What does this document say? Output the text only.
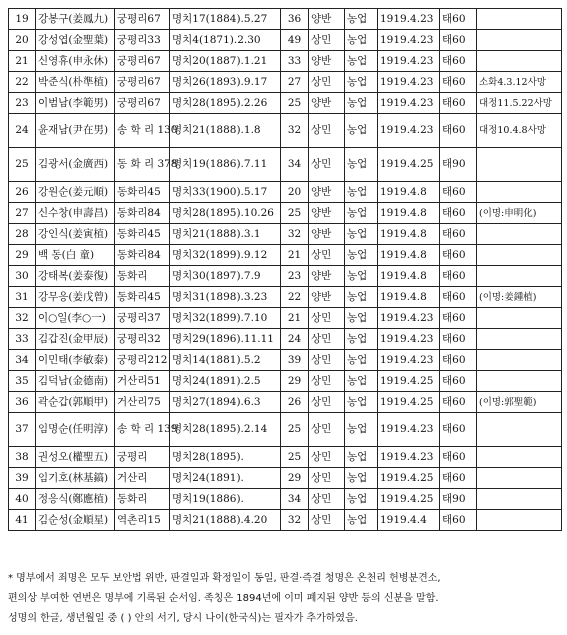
19	강봉구(姜鳳九)	궁평리67	명치17(1884).5.27	36	양반	농업	1919.4.23	태60	
20	강성엽(金聖葉)	궁평리33	명치4(1871).2.30	49	상민	농업	1919.4.23	태60	
21	신영휴(申永休)	궁평리67	명치20(1887).1.21	33	양반	농업	1919.4.23	태60	
22	박준식(朴準植)	궁평리67	명치26(1893).9.17	27	상민	농업	1919.4.23	태60	소화4.3.12사망
23	이범남(李範男)	궁평리67	명치28(1895).2.26	25	양반	농업	1919.4.23	태60	대정11.5.22사망
24	윤재남(尹在男)	송 학 리 130	명치21(1888).1.8	32	상민	농업	1919.4.23	태60	대정10.4.8사망
25	김광서(金廣西)	동 화 리 378	명치19(1886).7.11	34	상민	농업	1919.4.25	태90	
26	강원순(姜元順)	동화리45	명치33(1900).5.17	20	양반	농업	1919.4.8	태60	
27	신수창(申壽昌)	동화리84	명치28(1895).10.26	25	양반	농업	1919.4.8	태60	(이명:申明化)
28	강인식(姜寅植)	동화리45	명치21(1888).3.1	32	양반	농업	1919.4.8	태60	
29	백 동(白 童)	동화리84	명치32(1899).9.12	21	상민	농업	1919.4.8	태60	
30	강태복(姜泰復)	동화리	명치30(1897).7.9	23	양반	농업	1919.4.8	태60	
31	강무응(姜戊曾)	동화리45	명치31(1898).3.23	22	양반	농업	1919.4.8	태60	(이명:姜鍾植)
32	이○일(李○一)	궁평리37	명치32(1899).7.10	21	상민	농업	1919.4.23	태60	
33	김갑진(金甲辰)	궁평리32	명치29(1896).11.11	24	상민	농업	1919.4.23	태60	
34	이민태(李敏泰)	궁평리212	명치14(1881).5.2	39	상민	농업	1919.4.23	태60	
35	김덕남(金德南)	거산리51	명치24(1891).2.5	29	상민	농업	1919.4.25	태60	
36	곽순갑(郭順甲)	거산리75	명치27(1894).6.3	26	상민	농업	1919.4.25	태60	(이명:郭聖範)
37	임명순(任明淳)	송 학 리 139	명치28(1895).2.14	25	상민	농업	1919.4.23	태60	
38	권성오(權聖五)	궁평리	명치28(1895).	25	상민	농업	1919.4.23	태60	
39	임기호(林基鎬)	거산리	명치24(1891).	29	상민	농업	1919.4.25	태60	
40	정응식(鄭應植)	동화리	명치19(1886).	34	상민	농업	1919.4.25	태90	
41	김순성(金順星)	역촌리15	명치21(1888).4.20	32	상민	농업	1919.4.4	태60	

* 명부에서 죄명은 모두 보안법 위반, 판결일과 확정일이 동일, 판결·즉결 청명은 온천리 헌병분견소,

편의상 부여한 연번은 명부에 기록된 순서임. 족칭은 1894년에 이미 폐지된 양반 등의 신분을 말함.

성명의 한글, 생년월일 중 ( ) 안의 서기, 당시 나이(한국식)는 필자가 추가하였음.
